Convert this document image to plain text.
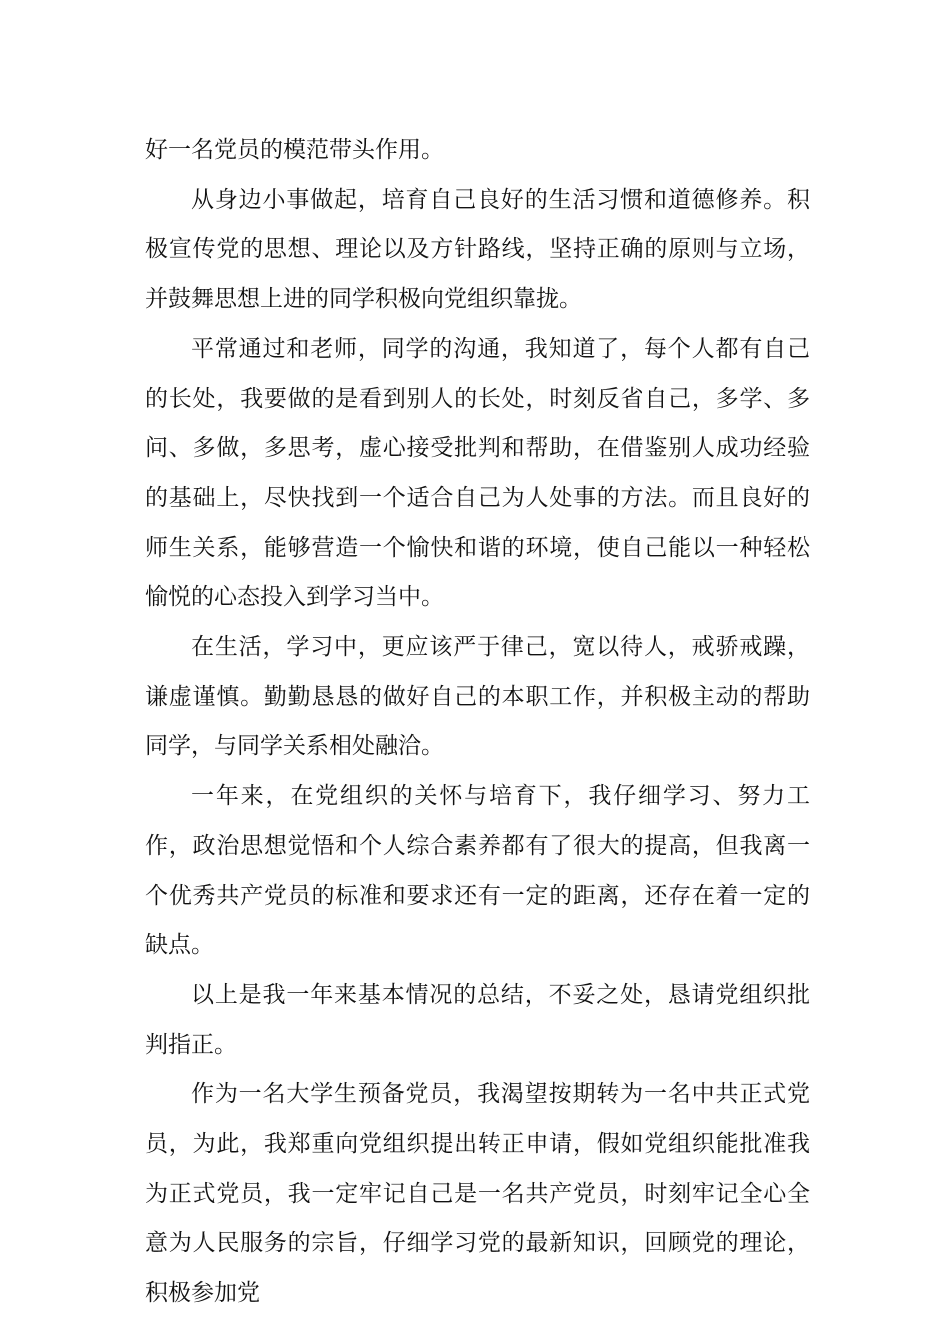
好一名党员的模范带头作用。

从身边小事做起，培育自己良好的生活习惯和道德修养。积极宣传党的思想、理论以及方针路线，坚持正确的原则与立场，并鼓舞思想上进的同学积极向党组织靠拢。

平常通过和老师，同学的沟通，我知道了，每个人都有自己的长处，我要做的是看到别人的长处，时刻反省自己，多学、多问、多做，多思考，虚心接受批判和帮助，在借鉴别人成功经验的基础上，尽快找到一个适合自己为人处事的方法。而且良好的师生关系，能够营造一个愉快和谐的环境，使自己能以一种轻松愉悦的心态投入到学习当中。

在生活，学习中，更应该严于律己，宽以待人，戒骄戒躁，谦虚谨慎。勤勤恳恳的做好自己的本职工作，并积极主动的帮助同学，与同学关系相处融洽。

一年来，在党组织的关怀与培育下，我仔细学习、努力工作，政治思想觉悟和个人综合素养都有了很大的提高，但我离一个优秀共产党员的标准和要求还有一定的距离，还存在着一定的缺点。

以上是我一年来基本情况的总结，不妥之处，恳请党组织批判指正。

作为一名大学生预备党员，我渴望按期转为一名中共正式党员，为此，我郑重向党组织提出转正申请，假如党组织能批准我为正式党员，我一定牢记自己是一名共产党员，时刻牢记全心全意为人民服务的宗旨，仔细学习党的最新知识，回顾党的理论，积极参加党
